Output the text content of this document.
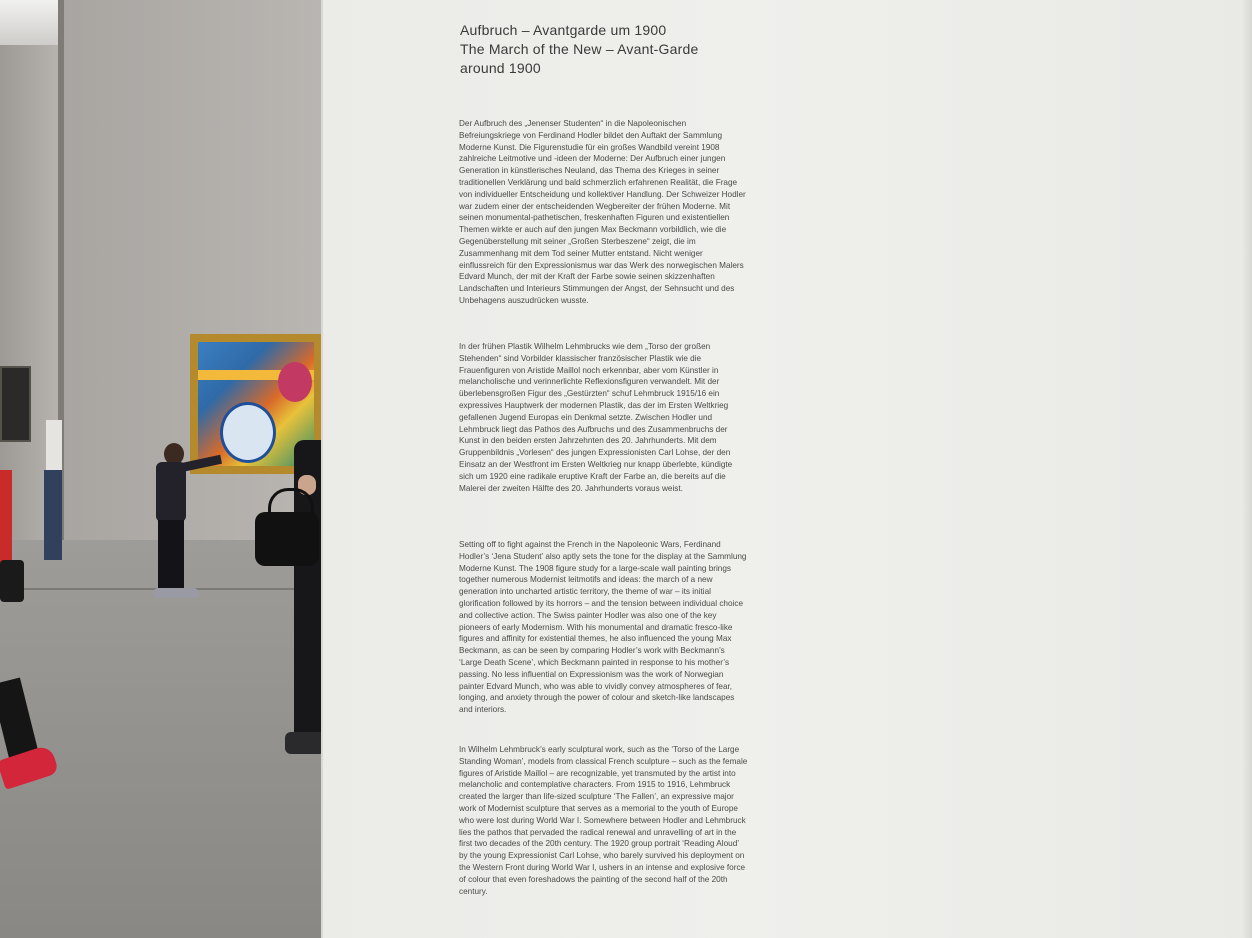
Aufbruch – Avantgarde um 1900
The March of the New – Avant-Garde
around 1900

Der Aufbruch des „Jenenser Studenten“ in die Napoleonischen Befreiungskriege von Ferdinand Hodler bildet den Auftakt der Sammlung Moderne Kunst. Die Figurenstudie für ein großes Wandbild vereint 1908 zahlreiche Leitmotive und -ideen der Moderne: Der Aufbruch einer jungen Generation in künstlerisches Neuland, das Thema des Krieges in seiner traditionellen Verklärung und bald schmerzlich erfahrenen Realität, die Frage von individueller Entscheidung und kollektiver Handlung. Der Schweizer Hodler war zudem einer der entscheidenden Wegbereiter der frühen Moderne. Mit seinen monumental-pathetischen, freskenhaften Figuren und existentiellen Themen wirkte er auch auf den jungen Max Beckmann vorbildlich, wie die Gegenüberstellung mit seiner „Großen Sterbeszene“ zeigt, die im Zusammenhang mit dem Tod seiner Mutter entstand. Nicht weniger einflussreich für den Expressionismus war das Werk des norwegischen Malers Edvard Munch, der mit der Kraft der Farbe sowie seinen skizzenhaften Landschaften und Interieurs Stimmungen der Angst, der Sehnsucht und des Unbehagens auszudrücken wusste.

In der frühen Plastik Wilhelm Lehmbrucks wie dem „Torso der großen Stehenden“ sind Vorbilder klassischer französischer Plastik wie die Frauenfiguren von Aristide Maillol noch erkennbar, aber vom Künstler in melancholische und verinnerlichte Reflexionsfiguren verwandelt. Mit der überlebensgroßen Figur des „Gestürzten“ schuf Lehmbruck 1915/16 ein expressives Hauptwerk der modernen Plastik, das der im Ersten Weltkrieg gefallenen Jugend Europas ein Denkmal setzte. Zwischen Hodler und Lehmbruck liegt das Pathos des Aufbruchs und des Zusammenbruchs der Kunst in den beiden ersten Jahrzehnten des 20. Jahrhunderts. Mit dem Gruppenbildnis „Vorlesen“ des jungen Expressionisten Carl Lohse, der den Einsatz an der Westfront im Ersten Weltkrieg nur knapp überlebte, kündigte sich um 1920 eine radikale eruptive Kraft der Farbe an, die bereits auf die Malerei der zweiten Hälfte des 20. Jahrhunderts voraus weist.

Setting off to fight against the French in the Napoleonic Wars, Ferdinand Hodler’s ‘Jena Student’ also aptly sets the tone for the display at the Sammlung Moderne Kunst. The 1908 figure study for a large-scale wall painting brings together numerous Modernist leitmotifs and ideas: the march of a new generation into uncharted artistic territory, the theme of war – its initial glorification followed by its horrors – and the tension between individual choice and collective action. The Swiss painter Hodler was also one of the key pioneers of early Modernism. With his monumental and dramatic fresco-like figures and affinity for existential themes, he also influenced the young Max Beckmann, as can be seen by comparing Hodler’s work with Beckmann’s ‘Large Death Scene’, which Beckmann painted in response to his mother’s passing. No less influential on Expressionism was the work of Norwegian painter Edvard Munch, who was able to vividly convey atmospheres of fear, longing, and anxiety through the power of colour and sketch-like landscapes and interiors.

In Wilhelm Lehmbruck’s early sculptural work, such as the ‘Torso of the Large Standing Woman’, models from classical French sculpture – such as the female figures of Aristide Maillol – are recognizable, yet transmuted by the artist into melancholic and contemplative characters. From 1915 to 1916, Lehmbruck created the larger than life-sized sculpture ‘The Fallen’, an expressive major work of Modernist sculpture that serves as a memorial to the youth of Europe who were lost during World War I. Somewhere between Hodler and Lehmbruck lies the pathos that pervaded the radical renewal and unravelling of art in the first two decades of the 20th century. The 1920 group portrait ‘Reading Aloud’ by the young Expressionist Carl Lohse, who barely survived his deployment on the Western Front during World War I, ushers in an intense and explosive force of colour that even foreshadows the painting of the second half of the 20th century.
